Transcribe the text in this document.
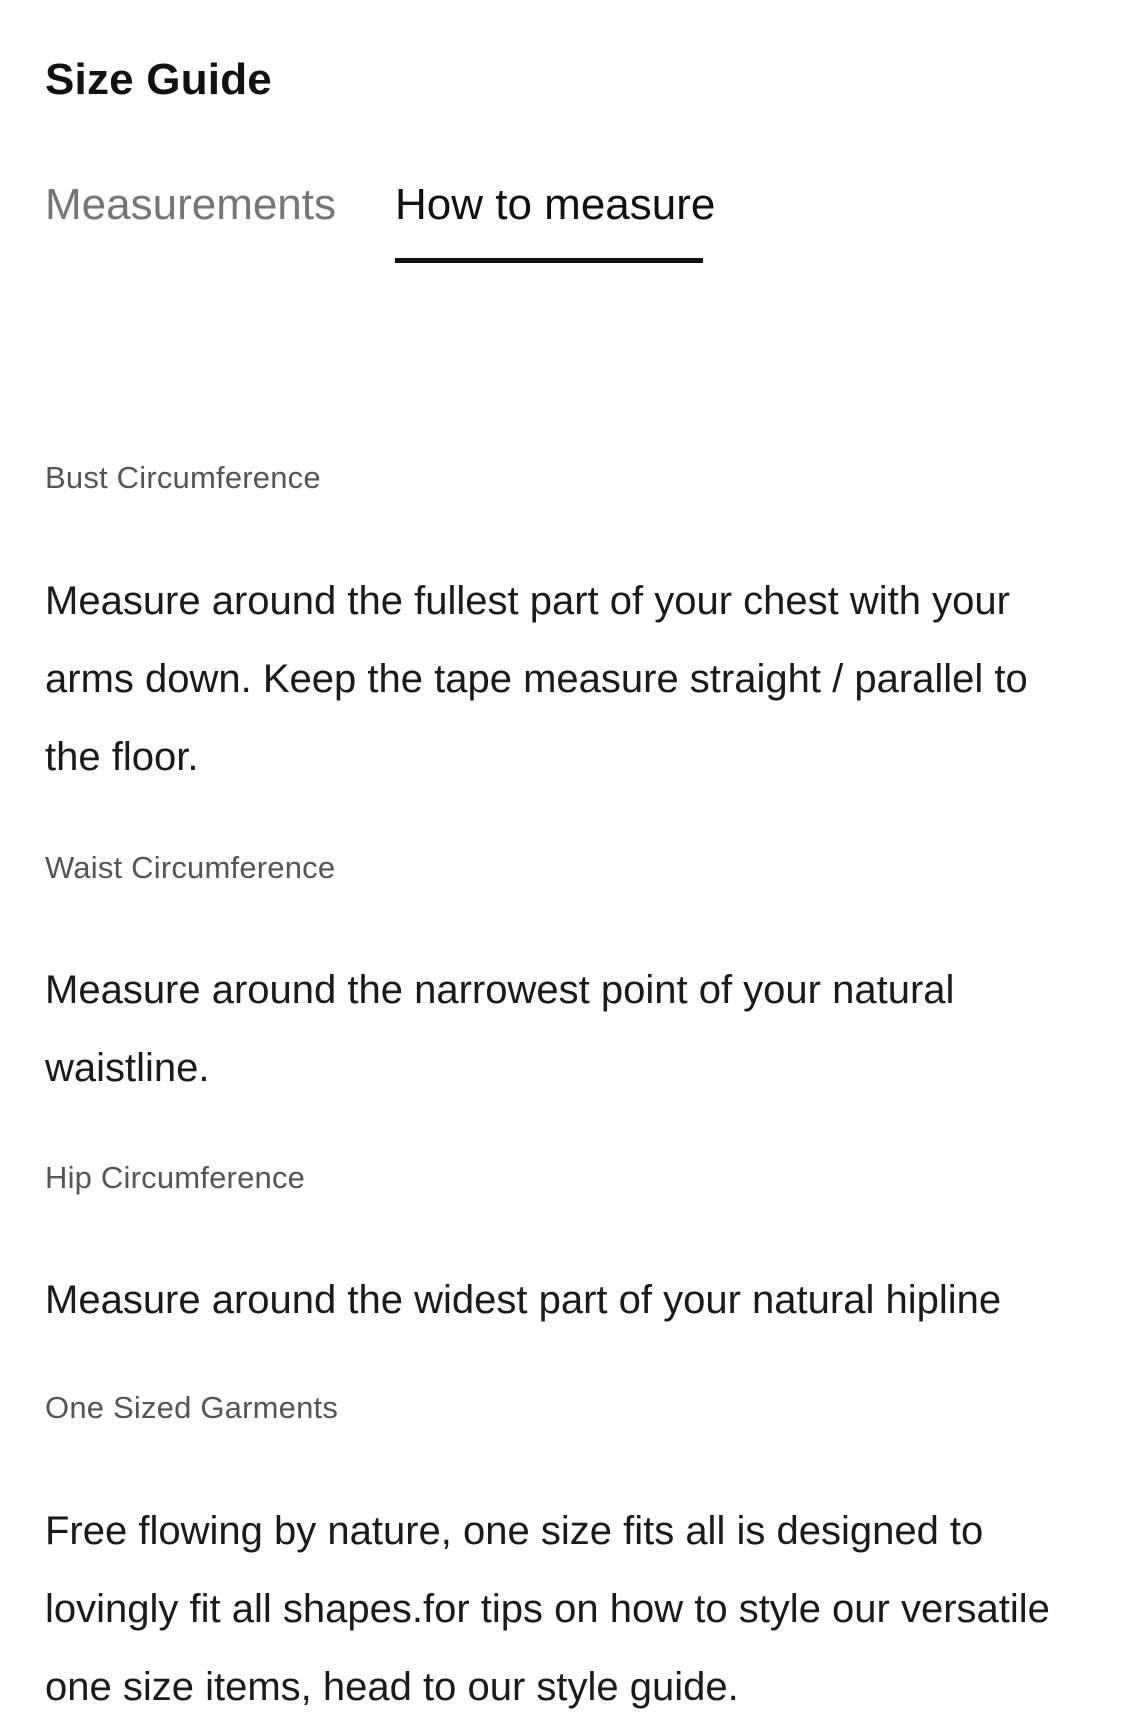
Size Guide
Measurements How to measure
Bust Circumference

Measure around the fullest part of your chest with your arms down. Keep the tape measure straight / parallel to the floor.

Waist Circumference

Measure around the narrowest point of your natural waistline.

Hip Circumference

Measure around the widest part of your natural hipline

One Sized Garments

Free flowing by nature, one size fits all is designed to lovingly fit all shapes.for tips on how to style our versatile one size items, head to our style guide.
